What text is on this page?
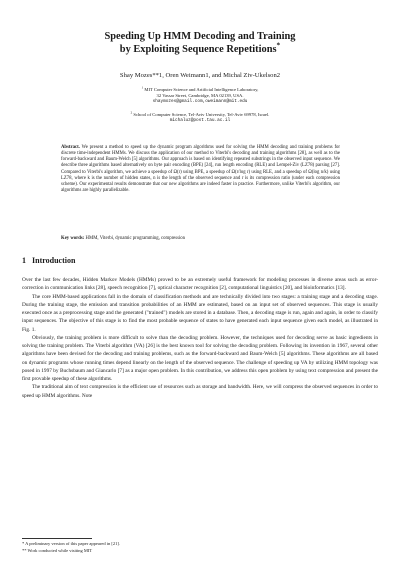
Speeding Up HMM Decoding and Training
by Exploiting Sequence Repetitions*
Shay Mozes**1, Oren Weimann1, and Michal Ziv-Ukelson2
$^1$ MIT Computer Science and Artificial Intelligence Laboratory,
32 Vassar Street, Cambridge, MA 02139, USA.
shaymozes@gmail.com,oweimann@mit.edu
$^2$ School of Computer Science, Tel-Aviv University, Tel-Aviv 69978, Israel.
michaluz@post.tau.ac.il
Abstract. We present a method to speed up the dynamic program algorithms used for solving the HMM decoding and training problems for discrete time-independent HMMs. We discuss the application of our method to Viterbi's decoding and training algorithms [28], as well as to the forward-backward and Baum-Welch [5] algorithms. Our approach is based on identifying repeated substrings in the observed input sequence. We describe three algorithms based alternatively on byte pair encoding (BPE) [24], run length encoding (RLE) and Lempel-Ziv (LZ78) parsing [27]. Compared to Viterbi's algorithm, we achieve a speedup of Ω(r) using BPE, a speedup of Ω(r/log r) using RLE, and a speedup of Ω(log n/k) using LZ78, where k is the number of hidden states, n is the length of the observed sequence and r is its compression ratio (under each compression scheme). Our experimental results demonstrate that our new algorithms are indeed faster in practice. Furthermore, unlike Viterbi's algorithm, our algorithms are highly parallelizable.
Key words: HMM, Viterbi, dynamic programming, compression
1 Introduction

Over the last few decades, Hidden Markov Models (HMMs) proved to be an extremely useful framework for modeling processes in diverse areas such as error-correction in communication links [28], speech recognition [7], optical character recognition [2], computational linguistics [20], and bioinformatics [13].

The core HMM-based applications fall in the domain of classification methods and are technically divided into two stages: a training stage and a decoding stage. During the training stage, the emission and transition probabilities of an HMM are estimated, based on an input set of observed sequences. This stage is usually executed once as a preprocessing stage and the generated ("trained") models are stored in a database. Then, a decoding stage is run, again and again, in order to classify input sequences. The objective of this stage is to find the most probable sequence of states to have generated each input sequence given each model, as illustrated in Fig. 1.

Obviously, the training problem is more difficult to solve than the decoding problem. However, the techniques used for decoding serve as basic ingredients in solving the training problem. The Viterbi algorithm (VA) [26] is the best known tool for solving the decoding problem. Following its invention in 1967, several other algorithms have been devised for the decoding and training problems, such as the forward-backward and Baum-Welch [5] algorithms. These algorithms are all based on dynamic programs whose running times depend linearly on the length of the observed sequence. The challenge of speeding up VA by utilizing HMM topology was posed in 1997 by Buchsbaum and Giancarlo [7] as a major open problem. In this contribution, we address this open problem by using text compression and present the first provable speedup of these algorithms.

The traditional aim of text compression is the efficient use of resources such as storage and bandwidth. Here, we will compress the observed sequences in order to speed up HMM algorithms. Note

* A preliminary version of this paper appeared in [21].
** Work conducted while visiting MIT
